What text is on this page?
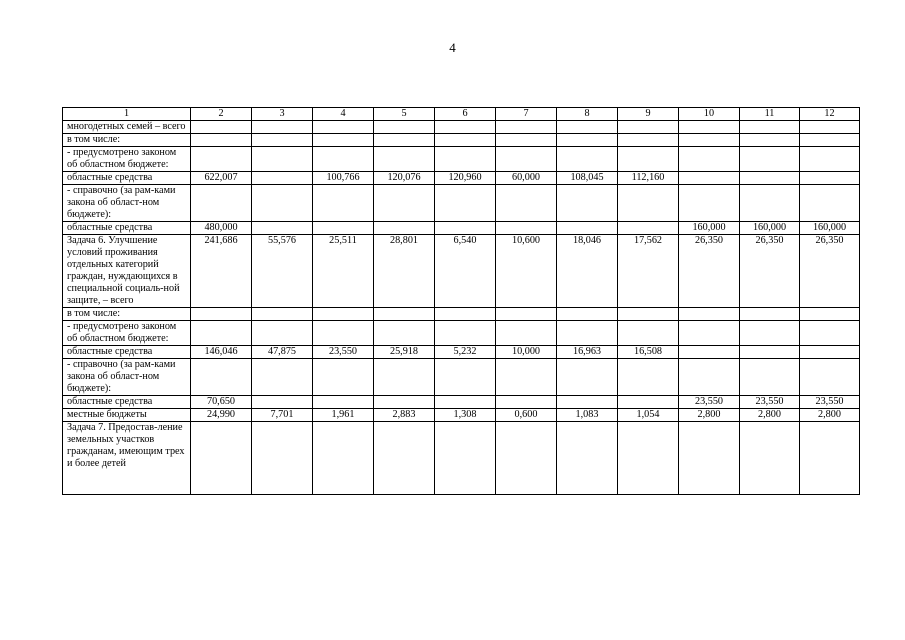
4
1	2	3	4	5	6	7	8	9	10	11	12
многодетных семей – всего											
в том числе:											
- предусмотрено законом об областном бюджете:											
областные средства	622,007		100,766	120,076	120,960	60,000	108,045	112,160			
- справочно (за рам-ками закона об област-ном бюджете):											
областные средства	480,000								160,000	160,000	160,000
Задача 6. Улучшение условий проживания отдельных категорий граждан, нуждающихся в специальной социаль-ной защите, – всего	241,686	55,576	25,511	28,801	6,540	10,600	18,046	17,562	26,350	26,350	26,350
в том числе:											
- предусмотрено законом об областном бюджете:											
областные средства	146,046	47,875	23,550	25,918	5,232	10,000	16,963	16,508			
- справочно (за рам-ками закона об област-ном бюджете):											
областные средства	70,650								23,550	23,550	23,550
местные бюджеты	24,990	7,701	1,961	2,883	1,308	0,600	1,083	1,054	2,800	2,800	2,800
Задача 7. Предостав-ление земельных участков гражданам, имеющим трех и более детей											
